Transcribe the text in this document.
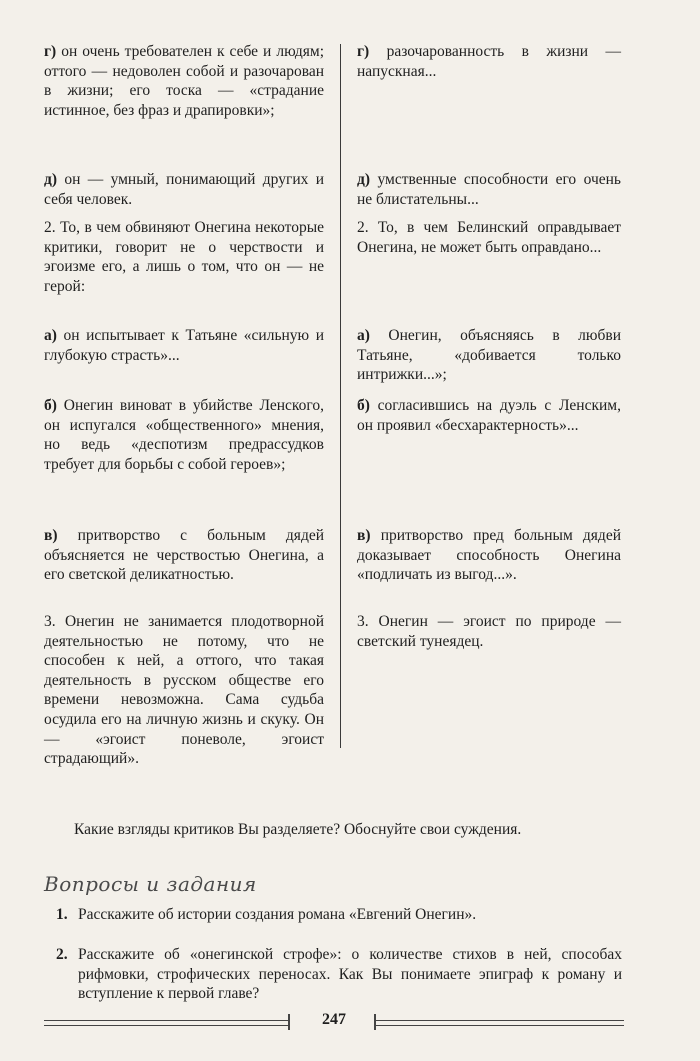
г) он очень требователен к себе и людям; оттого — недоволен собой и разочарован в жизни; его тоска — «страдание истинное, без фраз и драпировки»;

д) он — умный, понимающий других и себя человек.

2. То, в чем обвиняют Онегина некоторые критики, говорит не о черствости и эгоизме его, а лишь о том, что он — не герой:

а) он испытывает к Татьяне «сильную и глубокую страсть»...

б) Онегин виноват в убийстве Ленского, он испугался «общественного» мнения, но ведь «деспотизм предрассудков требует для борьбы с собой героев»;

в) притворство с больным дядей объясняется не черствостью Онегина, а его светской деликатностью.

3. Онегин не занимается плодотворной деятельностью не потому, что не способен к ней, а оттого, что такая деятельность в русском обществе его времени невозможна. Сама судьба осудила его на личную жизнь и скуку. Он — «эгоист поневоле, эгоист страдающий».

г) разочарованность в жизни — напускная...

д) умственные способности его очень не блистательны...

2. То, в чем Белинский оправдывает Онегина, не может быть оправдано...

а) Онегин, объясняясь в любви Татьяне, «добивается только интрижки...»;

б) согласившись на дуэль с Ленским, он проявил «бесхарактерность»...

в) притворство пред больным дядей доказывает способность Онегина «подличать из выгод...».

3. Онегин — эгоист по природе — светский тунеядец.

Какие взгляды критиков Вы разделяете? Обоснуйте свои суждения.

Вопросы и задания
1. Расскажите об истории создания романа «Евгений Онегин».
2. Расскажите об «онегинской строфе»: о количестве стихов в ней, способах рифмовки, строфических переносах. Как Вы понимаете эпиграф к роману и вступление к первой главе?
247
